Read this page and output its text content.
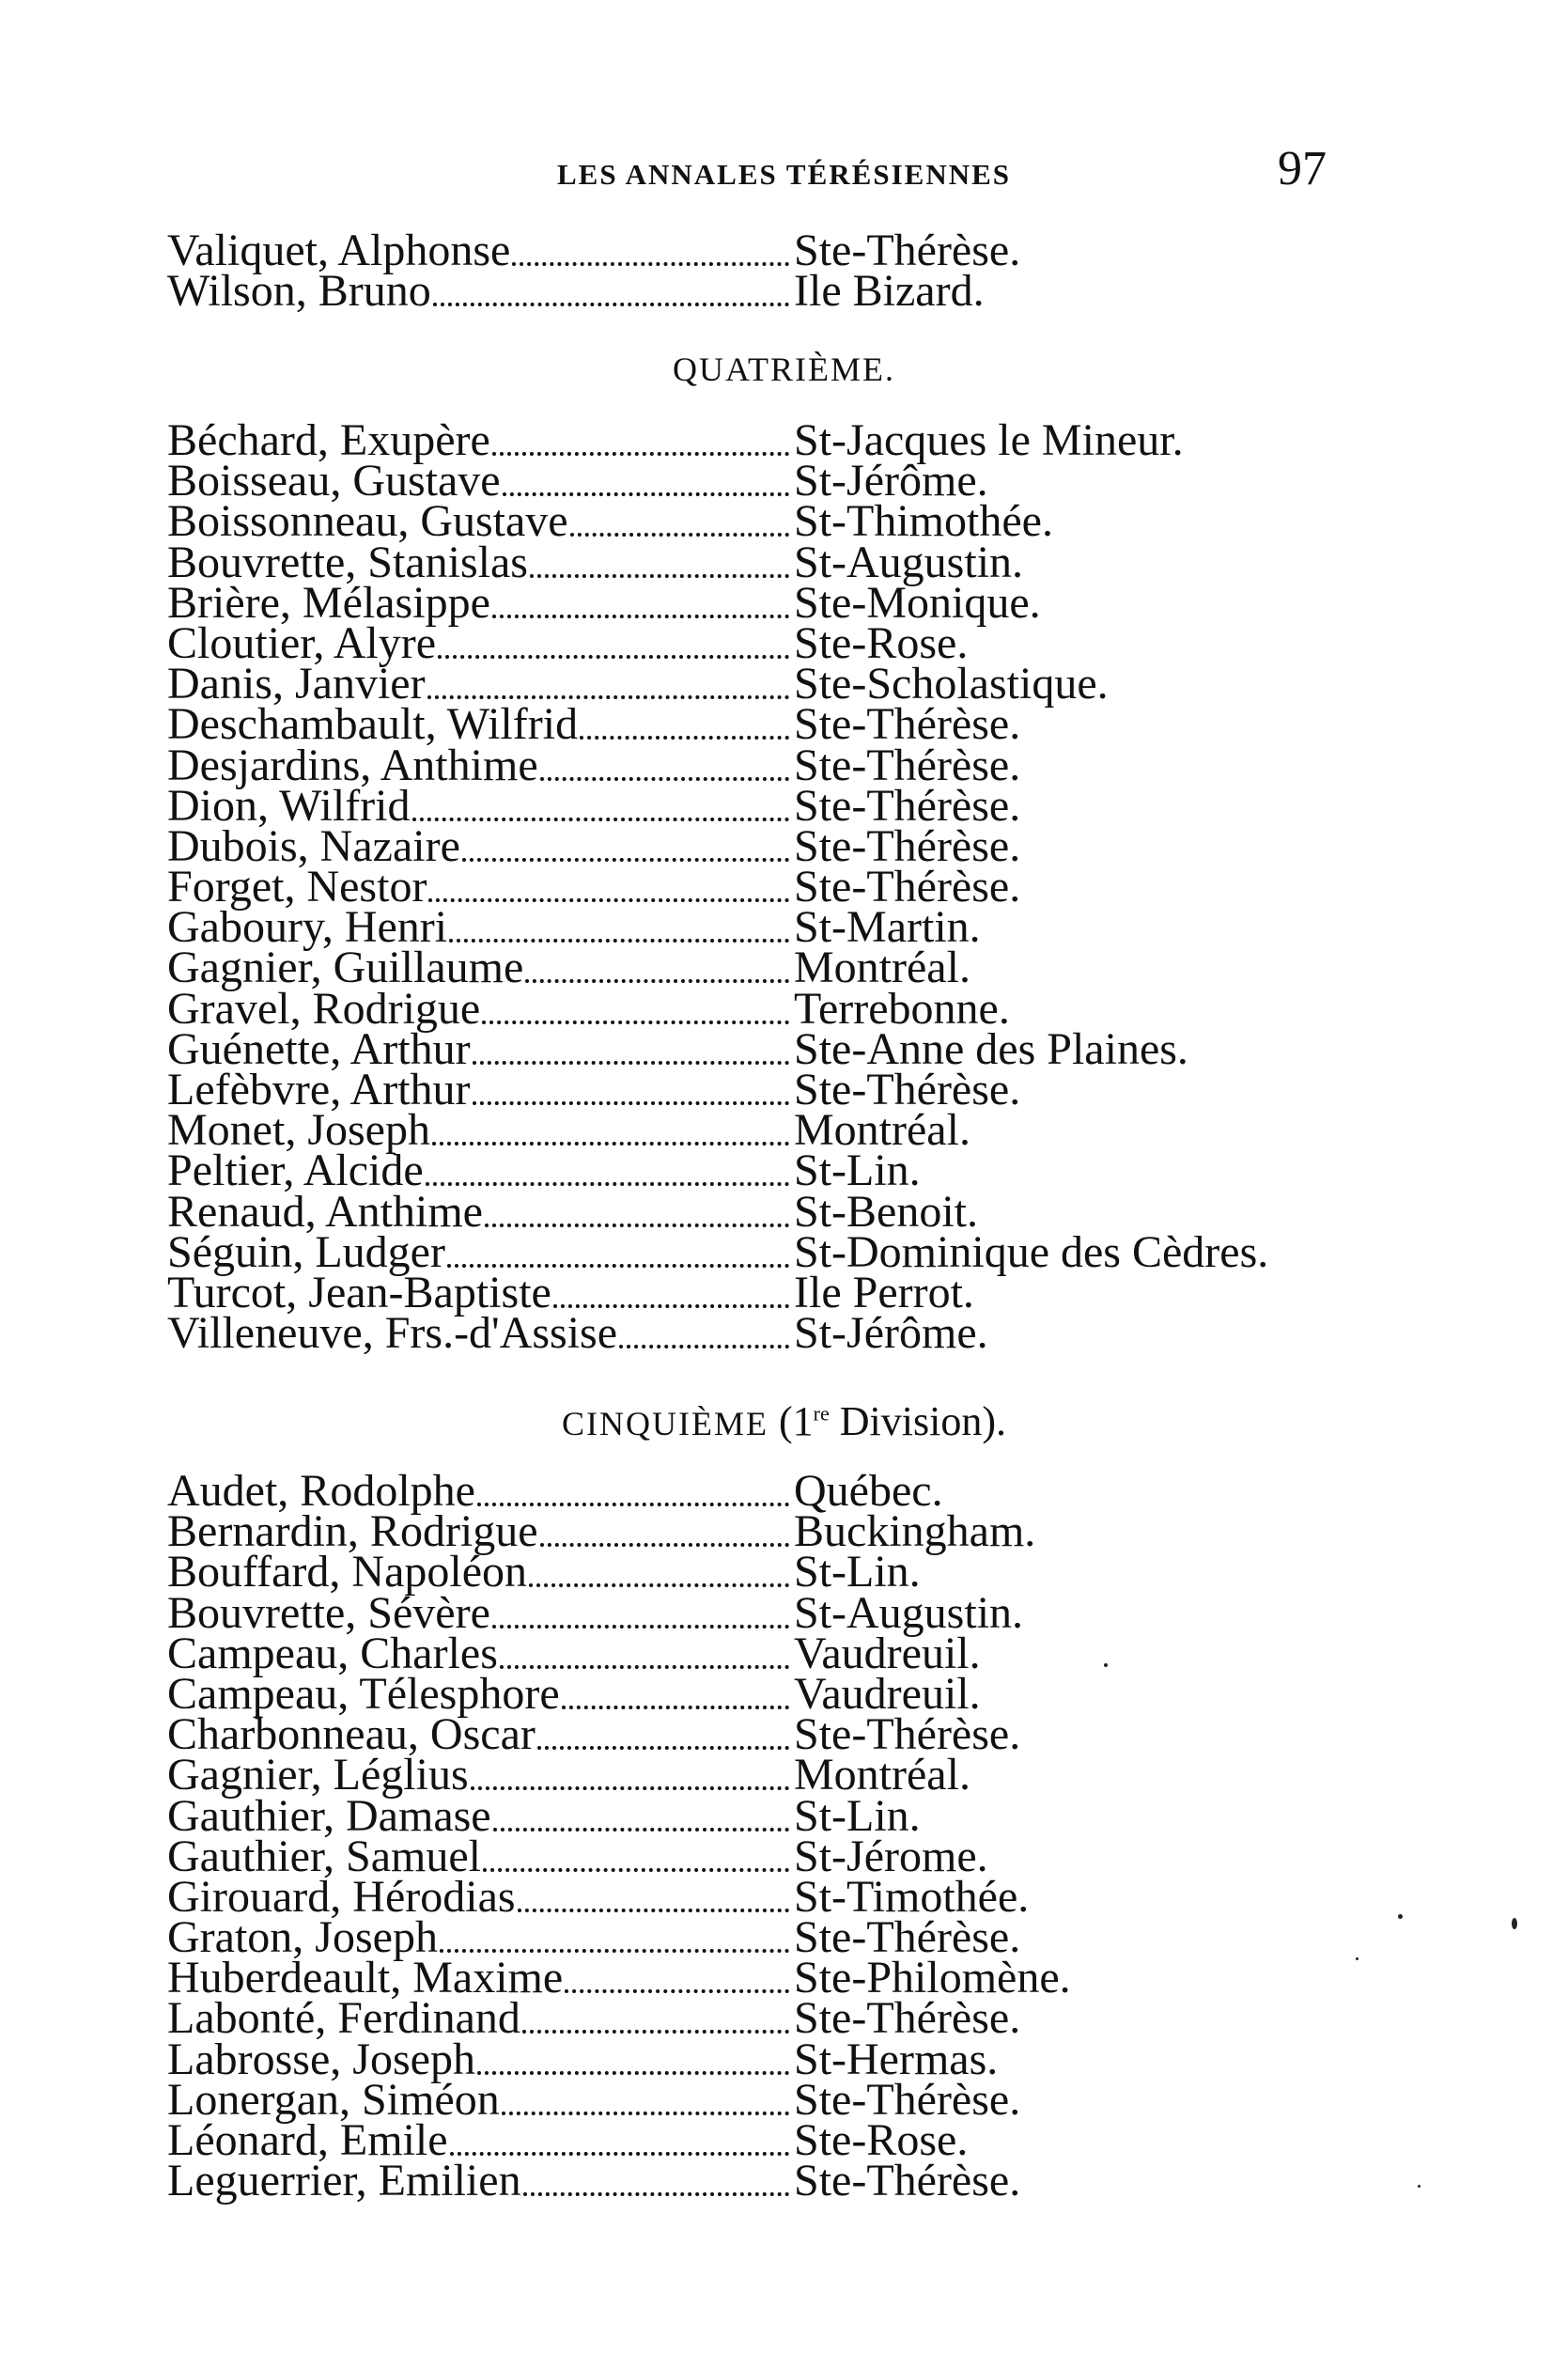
LES ANNALES TÉRÉSIENNES	97
Valiquet, Alphonse	Ste-Thérèse.
Wilson, Bruno	Ile Bizard.
QUATRIÈME.
Béchard, Exupère	St-Jacques le Mineur.
Boisseau, Gustave	St-Jérôme.
Boissonneau, Gustave	St-Thimothée.
Bouvrette, Stanislas	St-Augustin.
Brière, Mélasippe	Ste-Monique.
Cloutier, Alyre	Ste-Rose.
Danis, Janvier	Ste-Scholastique.
Deschambault, Wilfrid	Ste-Thérèse.
Desjardins, Anthime	Ste-Thérèse.
Dion, Wilfrid	Ste-Thérèse.
Dubois, Nazaire	Ste-Thérèse.
Forget, Nestor	Ste-Thérèse.
Gaboury, Henri	St-Martin.
Gagnier, Guillaume	Montréal.
Gravel, Rodrigue	Terrebonne.
Guénette, Arthur	Ste-Anne des Plaines.
Lefèbvre, Arthur	Ste-Thérèse.
Monet, Joseph	Montréal.
Peltier, Alcide	St-Lin.
Renaud, Anthime	St-Benoit.
Séguin, Ludger	St-Dominique des Cèdres.
Turcot, Jean-Baptiste	Ile Perrot.
Villeneuve, Frs.-d'Assise	St-Jérôme.
CINQUIÈME (1re Division).
Audet, Rodolphe	Québec.
Bernardin, Rodrigue	Buckingham.
Bouffard, Napoléon	St-Lin.
Bouvrette, Sévère	St-Augustin.
Campeau, Charles	Vaudreuil.
Campeau, Télesphore	Vaudreuil.
Charbonneau, Oscar	Ste-Thérèse.
Gagnier, Léglius	Montréal.
Gauthier, Damase	St-Lin.
Gauthier, Samuel	St-Jérome.
Girouard, Hérodias	St-Timothée.
Graton, Joseph	Ste-Thérèse.
Huberdeault, Maxime	Ste-Philomène.
Labonté, Ferdinand	Ste-Thérèse.
Labrosse, Joseph	St-Hermas.
Lonergan, Siméon	Ste-Thérèse.
Léonard, Emile	Ste-Rose.
Leguerrier, Emilien	Ste-Thérèse.
